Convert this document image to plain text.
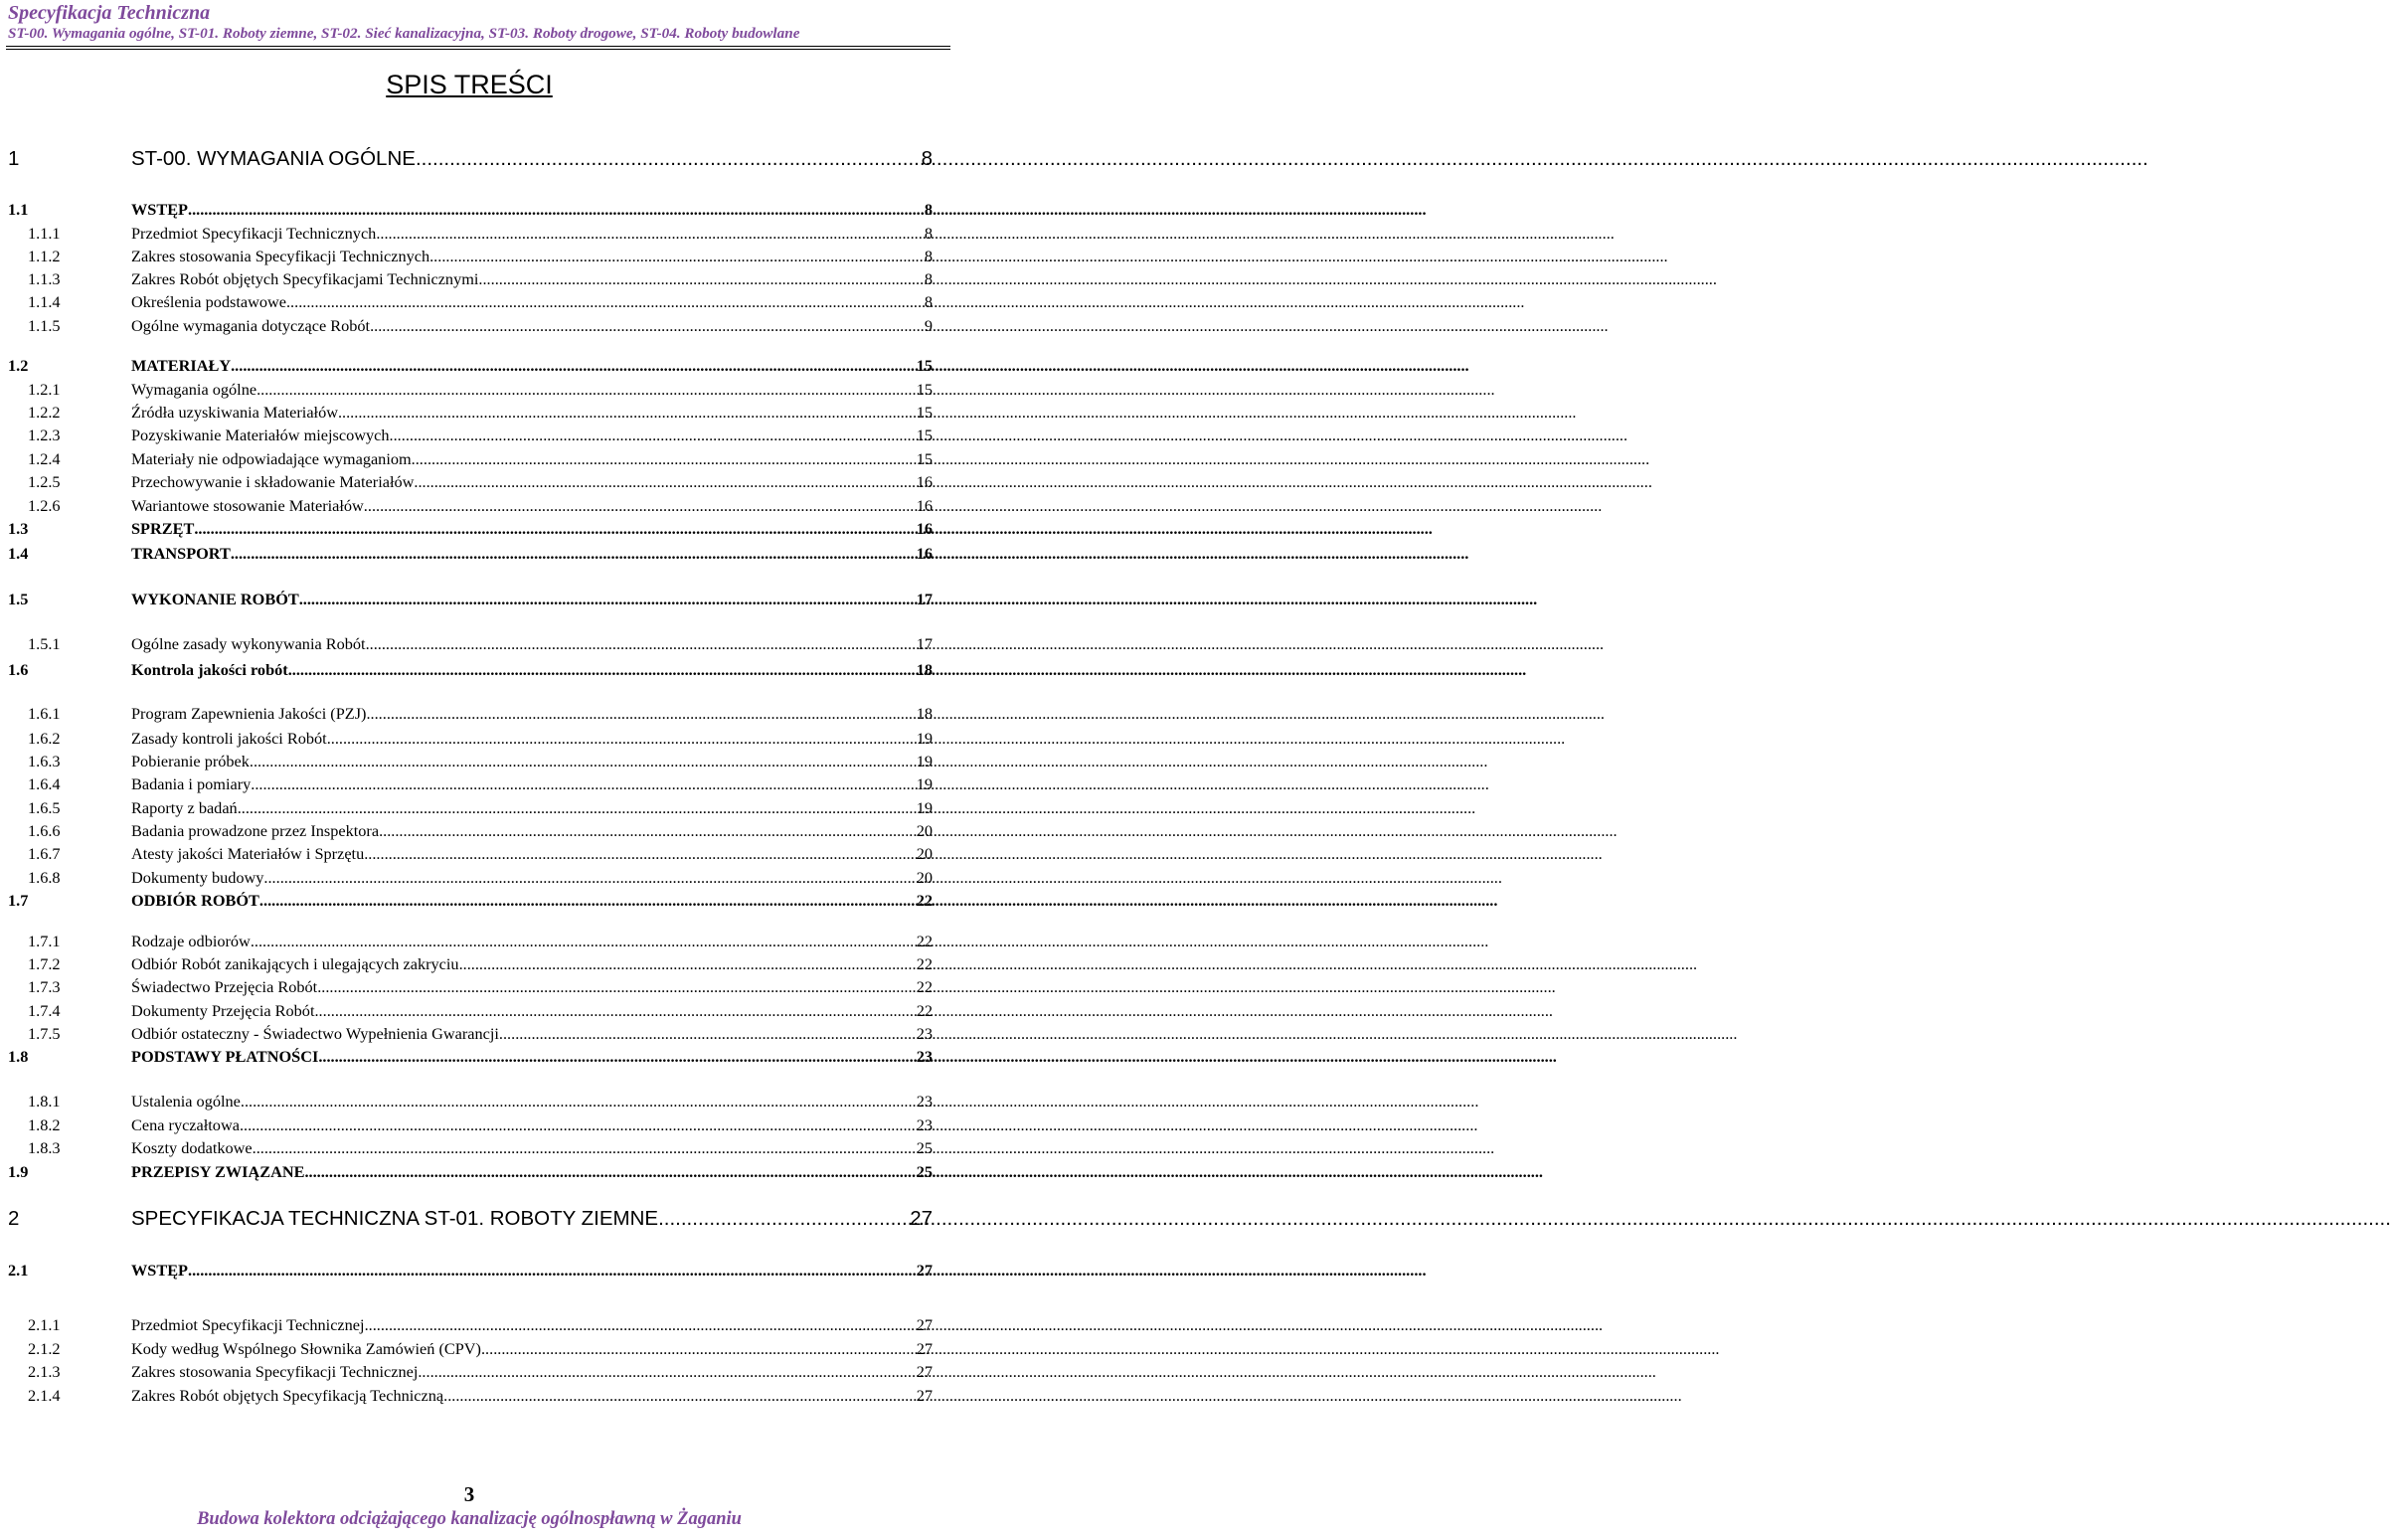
Specyfikacja Techniczna
ST-00. Wymagania ogólne, ST-01. Roboty ziemne, ST-02. Sieć kanalizacyjna, ST-03. Roboty drogowe, ST-04. Roboty budowlane
SPIS TREŚCI
1	ST-00. WYMAGANIA OGÓLNE .....	8
1.1	WSTĘP .....	8
1.1.1	Przedmiot Specyfikacji Technicznych .....	8
1.1.2	Zakres stosowania Specyfikacji Technicznych .....	8
1.1.3	Zakres Robót objętych Specyfikacjami Technicznymi .....	8
1.1.4	Określenia podstawowe .....	8
1.1.5	Ogólne wymagania dotyczące Robót .....	9
1.2	MATERIAŁY .....	15
1.2.1	Wymagania ogólne .....	15
1.2.2	Źródła uzyskiwania Materiałów .....	15
1.2.3	Pozyskiwanie Materiałów miejscowych .....	15
1.2.4	Materiały nie odpowiadające wymaganiom .....	15
1.2.5	Przechowywanie i składowanie Materiałów .....	16
1.2.6	Wariantowe stosowanie Materiałów .....	16
1.3	SPRZĘT .....	16
1.4	TRANSPORT .....	16
1.5	WYKONANIE ROBÓT .....	17
1.5.1	Ogólne zasady wykonywania Robót .....	17
1.6	Kontrola jakości robót .....	18
1.6.1	Program Zapewnienia Jakości (PZJ) .....	18
1.6.2	Zasady kontroli jakości Robót .....	19
1.6.3	Pobieranie próbek .....	19
1.6.4	Badania i pomiary .....	19
1.6.5	Raporty z badań .....	19
1.6.6	Badania prowadzone przez Inspektora .....	20
1.6.7	Atesty jakości Materiałów i Sprzętu .....	20
1.6.8	Dokumenty budowy .....	20
1.7	ODBIÓR ROBÓT .....	22
1.7.1	Rodzaje odbiorów .....	22
1.7.2	Odbiór Robót zanikających i ulegających zakryciu .....	22
1.7.3	Świadectwo Przejęcia Robót .....	22
1.7.4	Dokumenty Przejęcia Robót .....	22
1.7.5	Odbiór ostateczny - Świadectwo Wypełnienia Gwarancji .....	23
1.8	PODSTAWY PŁATNOŚCI .....	23
1.8.1	Ustalenia ogólne .....	23
1.8.2	Cena ryczałtowa .....	23
1.8.3	Koszty dodatkowe. .....	25
1.9	PRZEPISY ZWIĄZANE .....	25
2	SPECYFIKACJA TECHNICZNA ST-01. ROBOTY ZIEMNE .....	27
2.1	WSTĘP .....	27
2.1.1	Przedmiot Specyfikacji Technicznej .....	27
2.1.2	Kody według Wspólnego Słownika Zamówień (CPV) .....	27
2.1.3	Zakres stosowania Specyfikacji Technicznej .....	27
2.1.4	Zakres Robót objętych Specyfikacją Techniczną .....	27
3
Budowa kolektora odciążającego kanalizację ogólnospławną w Żaganiu
